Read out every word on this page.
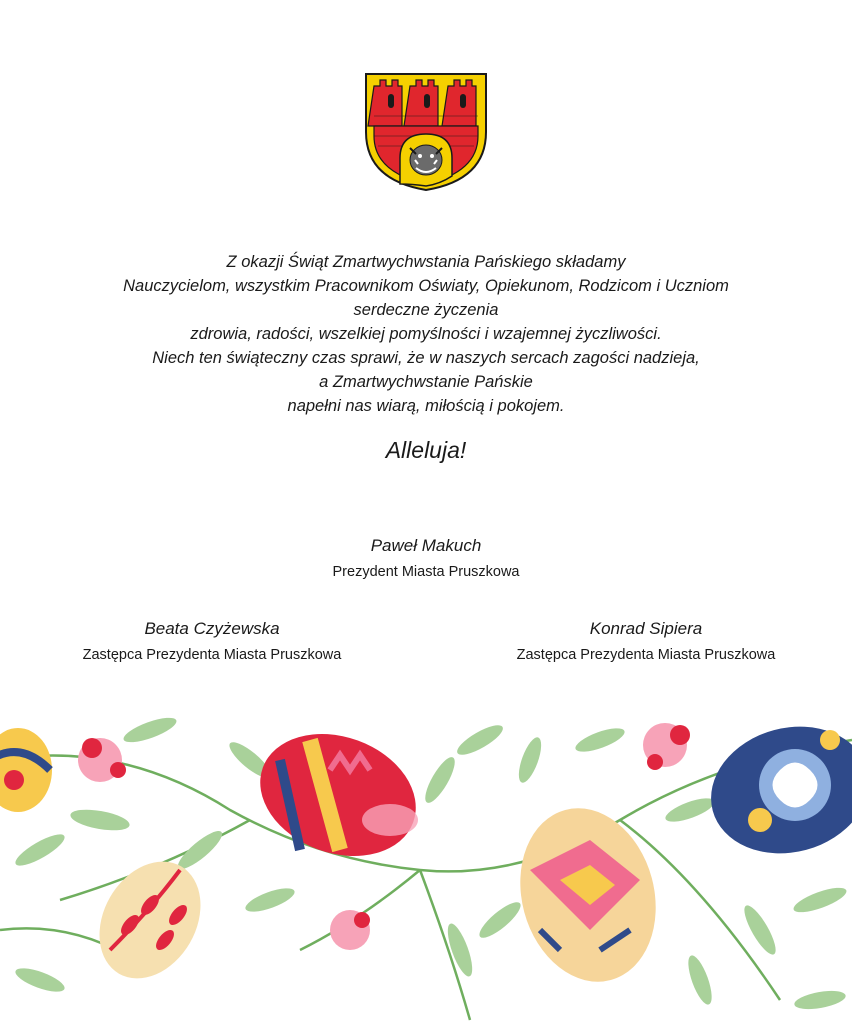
Z okazji Świąt Zmartwychwstania Pańskiego składamy
Nauczycielom, wszystkim Pracownikom Oświaty, Opiekunom, Rodzicom i Uczniom
serdeczne życzenia
zdrowia, radości, wszelkiej pomyślności i wzajemnej życzliwości.
Niech ten świąteczny czas sprawi, że w naszych sercach zagości nadzieja,
a Zmartwychwstanie Pańskie
napełni nas wiarą, miłością i pokojem.

Alleluja!
Paweł Makuch
Prezydent Miasta Pruszkowa
Beata Czyżewska
Zastępca Prezydenta Miasta Pruszkowa
Konrad Sipiera
Zastępca Prezydenta Miasta Pruszkowa
